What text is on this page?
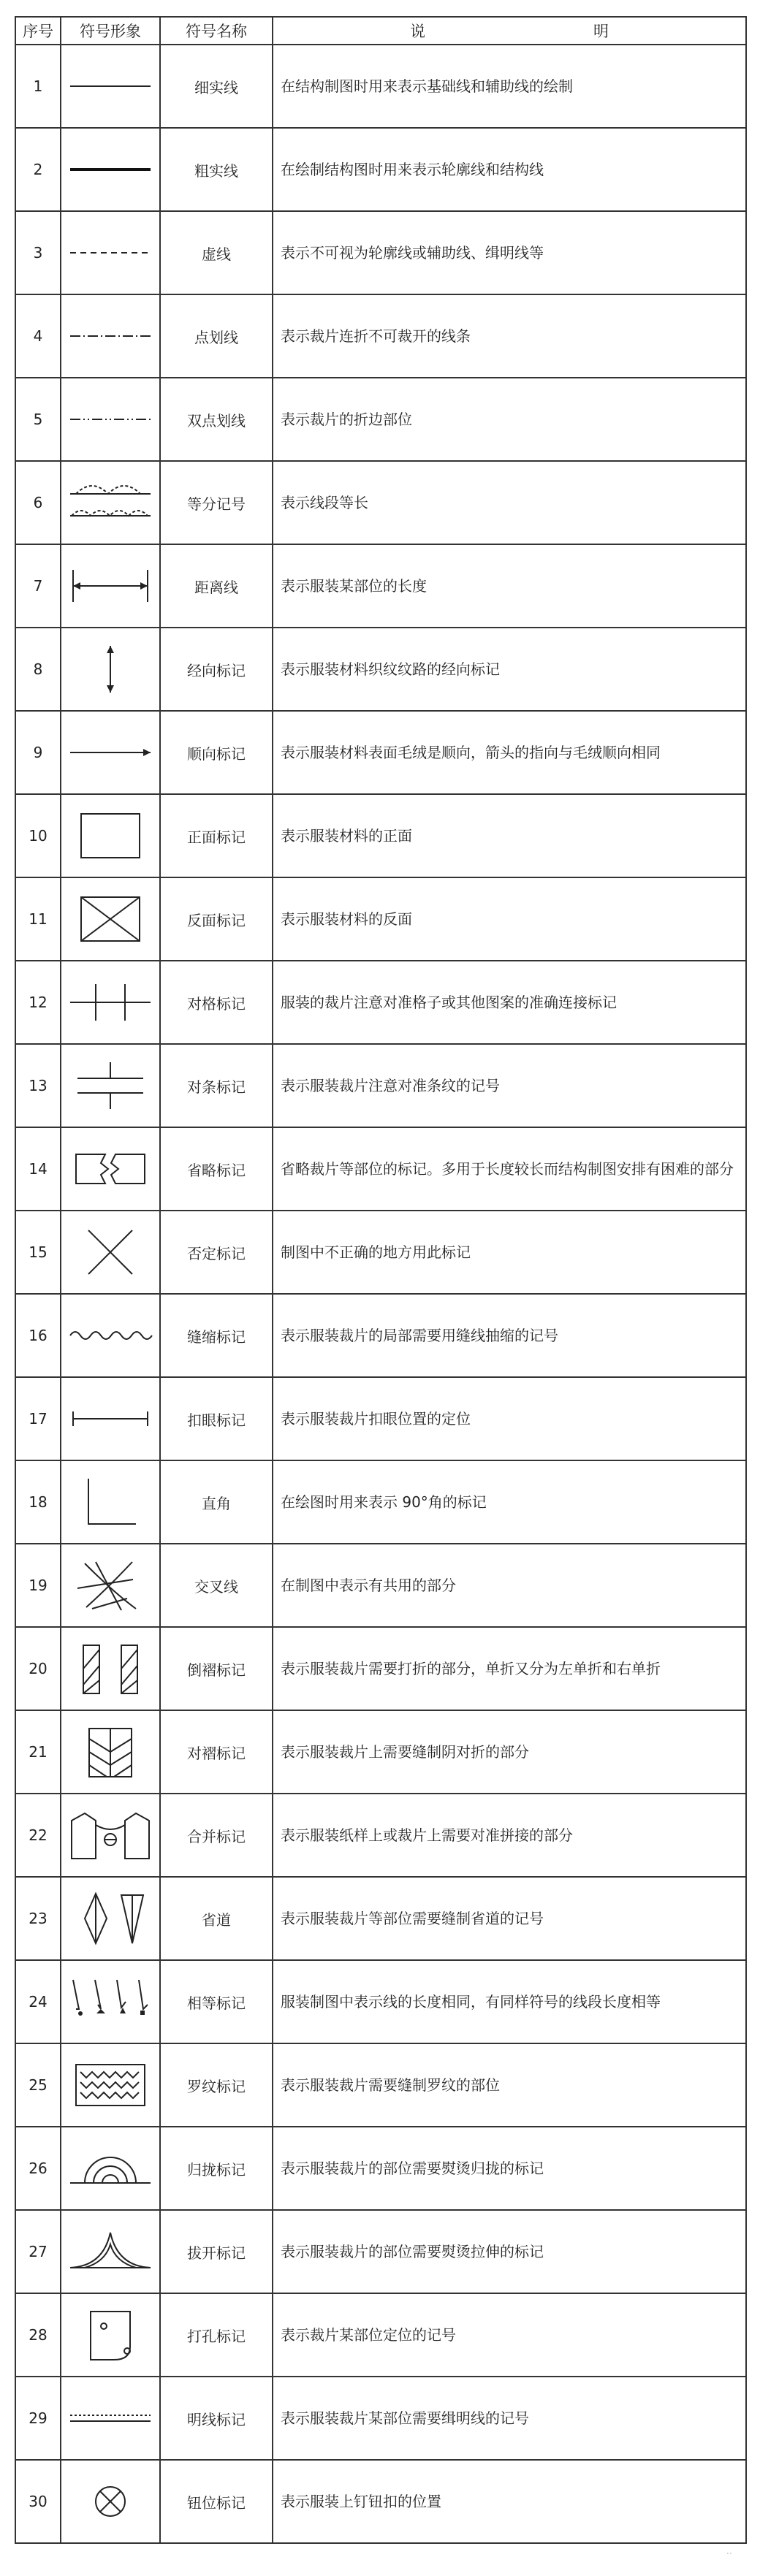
序号	符号形象	符号名称	说 明
1		细实线	在结构制图时用来表示基础线和辅助线的绘制
2		粗实线	在绘制结构图时用来表示轮廓线和结构线
3		虚线	表示不可视为轮廓线或辅助线、缉明线等
4		点划线	表示裁片连折不可裁开的线条
5		双点划线	表示裁片的折边部位
6		等分记号	表示线段等长
7		距离线	表示服装某部位的长度
8		经向标记	表示服装材料织纹纹路的经向标记
9		顺向标记	表示服装材料表面毛绒是顺向，箭头的指向与毛绒顺向相同
10		正面标记	表示服装材料的正面
11		反面标记	表示服装材料的反面
12		对格标记	服装的裁片注意对准格子或其他图案的准确连接标记
13		对条标记	表示服装裁片注意对准条纹的记号
14		省略标记	省略裁片等部位的标记。多用于长度较长而结构制图安排有困难的部分
15		否定标记	制图中不正确的地方用此标记
16		缝缩标记	表示服装裁片的局部需要用缝线抽缩的记号
17		扣眼标记	表示服装裁片扣眼位置的定位
18		直角	在绘图时用来表示 90°角的标记
19		交叉线	在制图中表示有共用的部分
20		倒褶标记	表示服装裁片需要打折的部分，单折又分为左单折和右单折
21		对褶标记	表示服装裁片上需要缝制阴对折的部分
22		合并标记	表示服装纸样上或裁片上需要对准拼接的部分
23		省道	表示服装裁片等部位需要缝制省道的记号
24		相等标记	服装制图中表示线的长度相同，有同样符号的线段长度相等
25		罗纹标记	表示服装裁片需要缝制罗纹的部位
26		归拢标记	表示服装裁片的部位需要熨烫归拢的标记
27		拔开标记	表示服装裁片的部位需要熨烫拉伸的标记
28		打孔标记	表示裁片某部位定位的记号
29		明线标记	表示服装裁片某部位需要缉明线的记号
30		钮位标记	表示服装上钉钮扣的位置
··
